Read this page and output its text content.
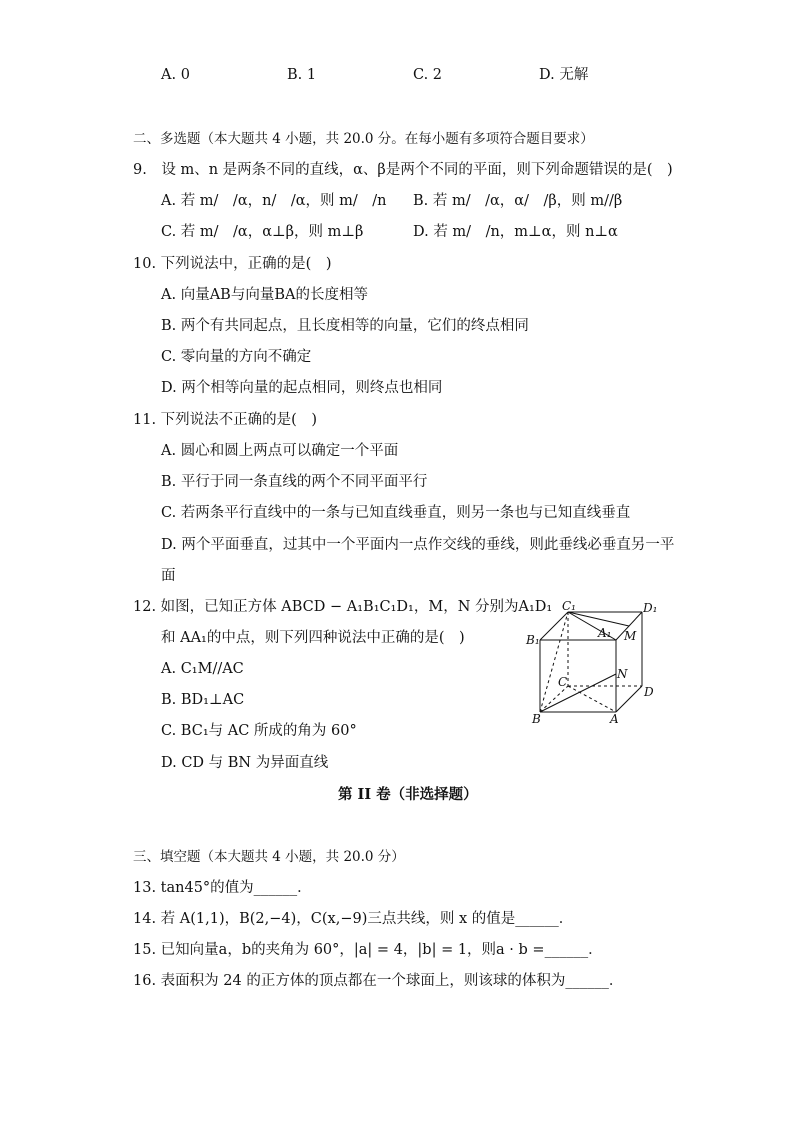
A. 0	B. 1	C. 2	D. 无解
二、多选题（本大题共 4 小题，共 20.0 分。在每小题有多项符合题目要求）
9.　设 m、n 是两条不同的直线，α、β是两个不同的平面，则下列命题错误的是(　)
A. 若 m/　/α，n/　/α，则 m/　/n B. 若 m/　/α，α/　/β，则 m//β
C. 若 m/　/α，α⊥β，则 m⊥β	D. 若 m/　/n，m⊥α，则 n⊥α
10. 下列说法中，正确的是(　)
A. 向量AB与向量BA的长度相等
B. 两个有共同起点，且长度相等的向量，它们的终点相同
C. 零向量的方向不确定
D. 两个相等向量的起点相同，则终点也相同
11. 下列说法不正确的是(　)
A. 圆心和圆上两点可以确定一个平面
B. 平行于同一条直线的两个不同平面平行
C. 若两条平行直线中的一条与已知直线垂直，则另一条也与已知直线垂直
D. 两个平面垂直，过其中一个平面内一点作交线的垂线，则此垂线必垂直另一平
面
12. 如图，已知正方体 ABCD − A₁B₁C₁D₁，M，N 分别为A₁D₁
和 AA₁的中点，则下列四种说法中正确的是(　)
A. C₁M//AC
B. BD₁⊥AC
C. BC₁与 AC 所成的角为 60°
D. CD 与 BN 为异面直线
C₁	D₁
B₁	A₁ M
N
C
D
B	A
第 II 卷（非选择题）
三、填空题（本大题共 4 小题，共 20.0 分）
13. tan45°的值为______．
14. 若 A(1,1)，B(2,−4)，C(x,−9)三点共线，则 x 的值是______．
15. 已知向量a，b的夹角为 60°，|a| = 4，|b| = 1，则a · b =______．
16. 表面积为 24 的正方体的顶点都在一个球面上，则该球的体积为______．
